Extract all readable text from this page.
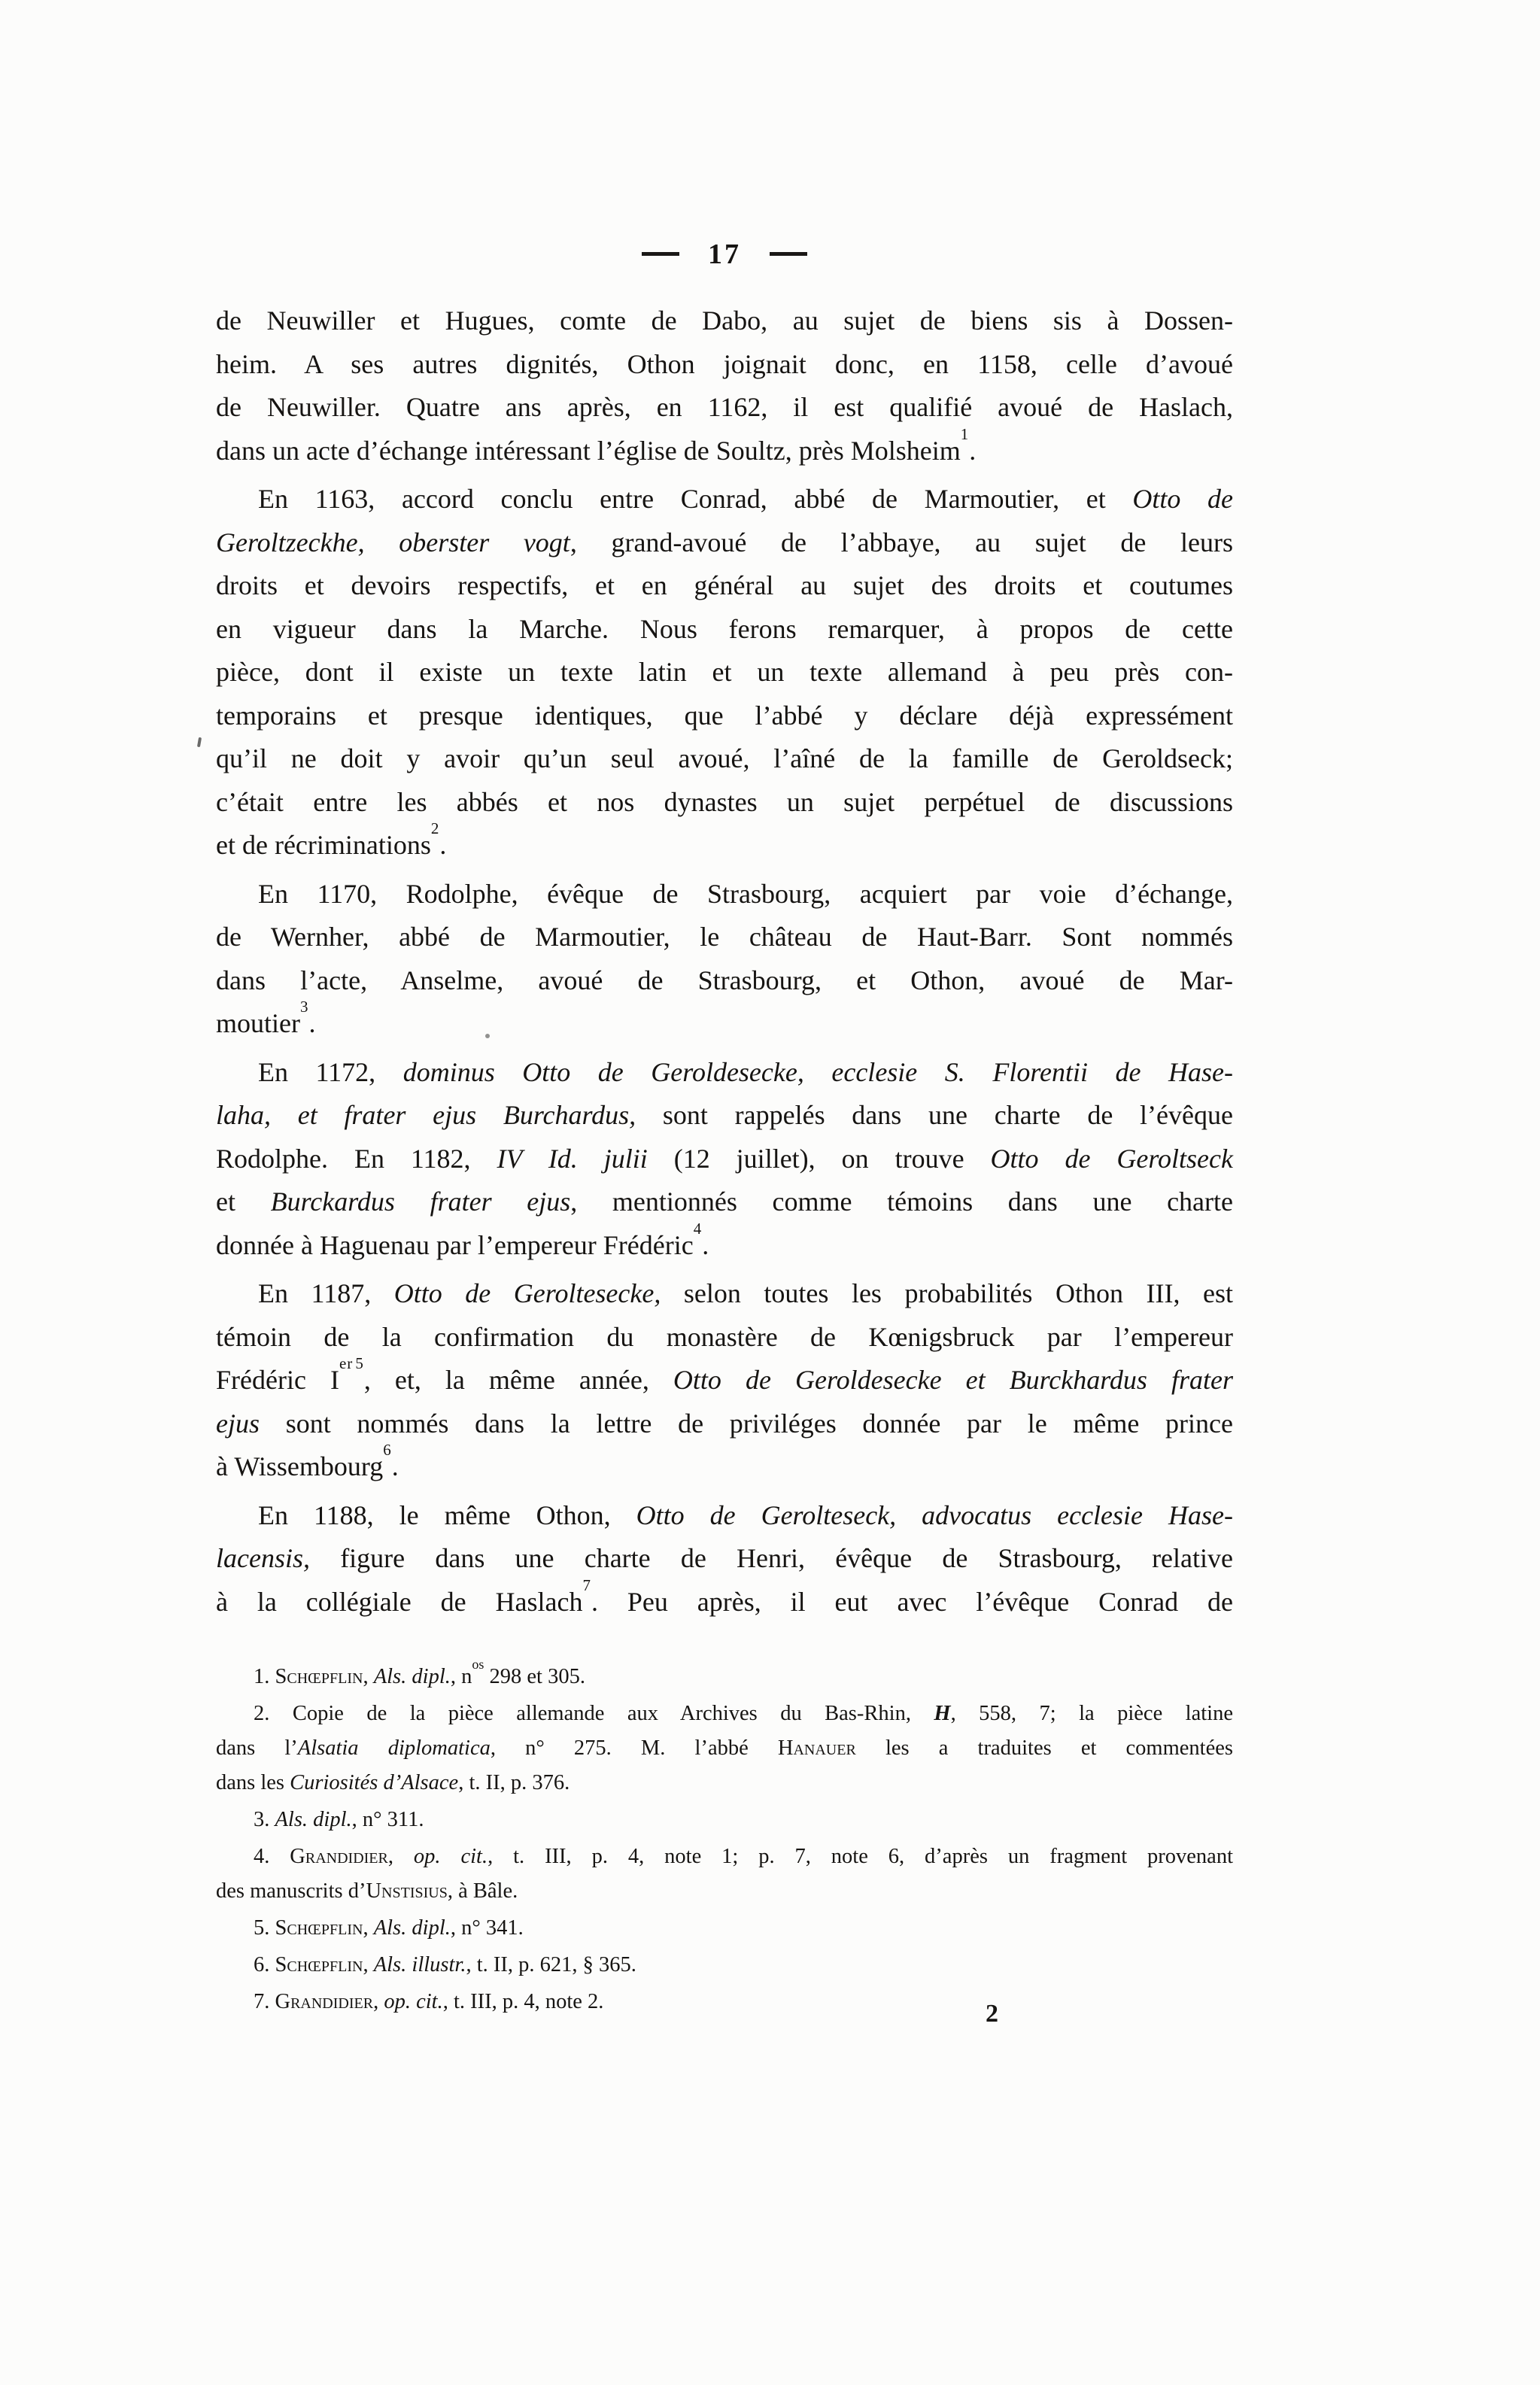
17
de Neuwiller et Hugues, comte de Dabo, au sujet de biens sis à Dossen-
heim. A ses autres dignités, Othon joignait donc, en 1158, celle d’avoué
de Neuwiller. Quatre ans après, en 1162, il est qualifié avoué de Haslach,
dans un acte d’échange intéressant l’église de Soultz, près Molsheim$^1$.
En 1163, accord conclu entre Conrad, abbé de Marmoutier, et Otto de
Geroltzeckhe, oberster vogt, grand-avoué de l’abbaye, au sujet de leurs
droits et devoirs respectifs, et en général au sujet des droits et coutumes
en vigueur dans la Marche. Nous ferons remarquer, à propos de cette
pièce, dont il existe un texte latin et un texte allemand à peu près con-
temporains et presque identiques, que l’abbé y déclare déjà expressément
qu’il ne doit y avoir qu’un seul avoué, l’aîné de la famille de Geroldseck;
c’était entre les abbés et nos dynastes un sujet perpétuel de discussions
et de récriminations$^2$.
En 1170, Rodolphe, évêque de Strasbourg, acquiert par voie d’échange,
de Wernher, abbé de Marmoutier, le château de Haut-Barr. Sont nommés
dans l’acte, Anselme, avoué de Strasbourg, et Othon, avoué de Mar-
moutier$^3$.
En 1172, dominus Otto de Geroldesecke, ecclesie S. Florentii de Hase-
laha, et frater ejus Burchardus, sont rappelés dans une charte de l’évêque
Rodolphe. En 1182, IV Id. julii (12 juillet), on trouve Otto de Geroltseck
et Burckardus frater ejus, mentionnés comme témoins dans une charte
donnée à Haguenau par l’empereur Frédéric$^4$.
En 1187, Otto de Geroltesecke, selon toutes les probabilités Othon III, est
témoin de la confirmation du monastère de Kœnigsbruck par l’empereur
Frédéric Ier $^5$, et, la même année, Otto de Geroldesecke et Burckhardus frater
ejus sont nommés dans la lettre de priviléges donnée par le même prince
à Wissembourg$^6$.
En 1188, le même Othon, Otto de Gerolteseck, advocatus ecclesie Hase-
lacensis, figure dans une charte de Henri, évêque de Strasbourg, relative
à la collégiale de Haslach$^7$. Peu après, il eut avec l’évêque Conrad de
1. Schœpflin, Als. dipl., $n^{os}$ 298 et 305.
2. Copie de la pièce allemande aux Archives du Bas-Rhin, H, 558, 7; la pièce latine
dans l’Alsatia diplomatica, n° 275. M. l’abbé Hanauer les a traduites et commentées
dans les Curiosités d’Alsace, t. II, p. 376.
3. Als. dipl., n° 311.
4. Grandidier, op. cit., t. III, p. 4, note 1; p. 7, note 6, d’après un fragment provenant
des manuscrits d’Unstisius, à Bâle.
5. Schœpflin, Als. dipl., n° 341.
6. Schœpflin, Als. illustr., t. II, p. 621, § 365.
7. Grandidier, op. cit., t. III, p. 4, note 2.	2
